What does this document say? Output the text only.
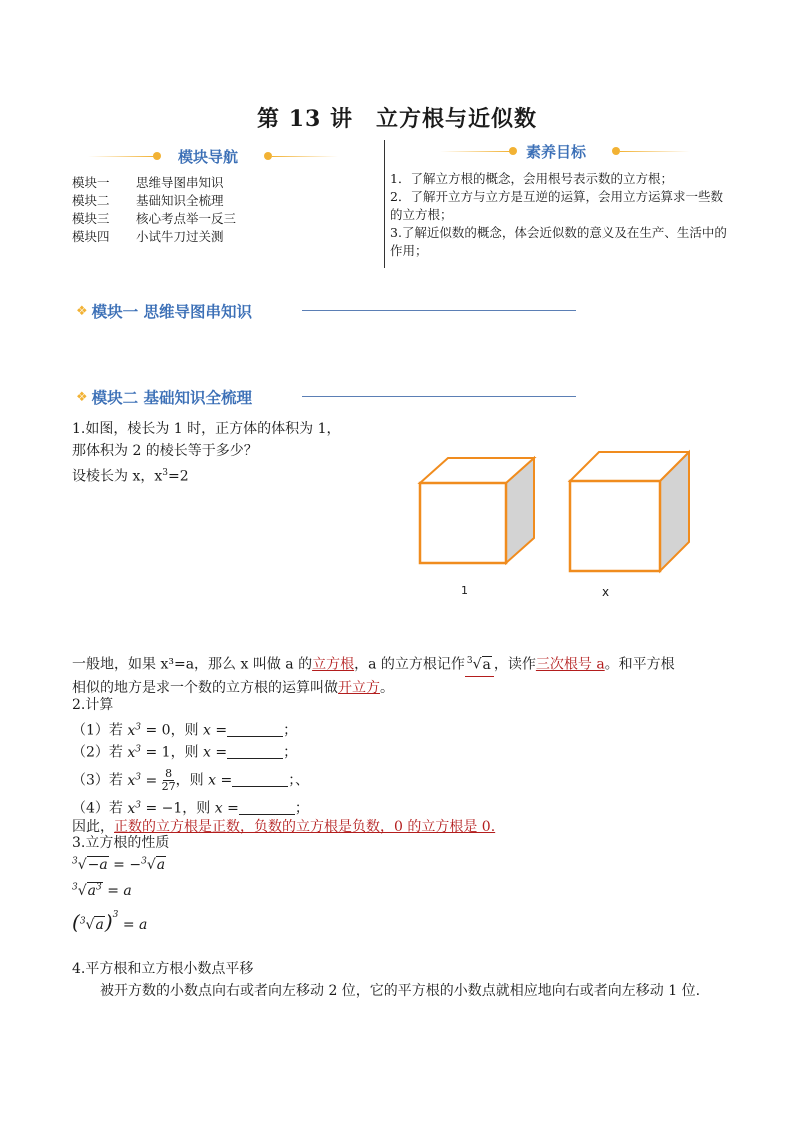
第 13 讲　立方根与近似数
模块导航
模块一 思维导图串知识
模块二 基础知识全梳理
模块三 核心考点举一反三
模块四 小试牛刀过关测
素养目标
1．了解立方根的概念，会用根号表示数的立方根；
2．了解开立方与立方是互逆的运算，会用立方运算求一些数的立方根；
3.了解近似数的概念，体会近似数的意义及在生产、生活中的作用；
❖ 模块一 思维导图串知识
❖ 模块二 基础知识全梳理
1.如图，棱长为 1 时，正方体的体积为 1，
那体积为 2 的棱长等于多少？
设棱长为 x，$x^3=2$
1	x
一般地，如果 x³=a，那么 x 叫做 a 的立方根，a 的立方根记作 $^3$√a ，读作三次根号 a。和平方根
相似的地方是求一个数的立方根的运算叫做开立方。
2.计算
（1）若 $x^3 = 0$，则 x =	；
（2）若 $x^3 = 1$，则 x =	；
（3）若 $x^3 = \frac{8}{27}$ ，则 x =	；、
（4）若 $x^3 = -1$，则 x =	；
因此，正数的立方根是正数，负数的立方根是负数，0 的立方根是 0.
3.立方根的性质
$^3$√−a = −$^3$√a
$^3√a^3 = a$
$(^3√a)^3 = a$
4.平方根和立方根小数点平移
被开方数的小数点向右或者向左移动 2 位，它的平方根的小数点就相应地向右或者向左移动 1 位.
